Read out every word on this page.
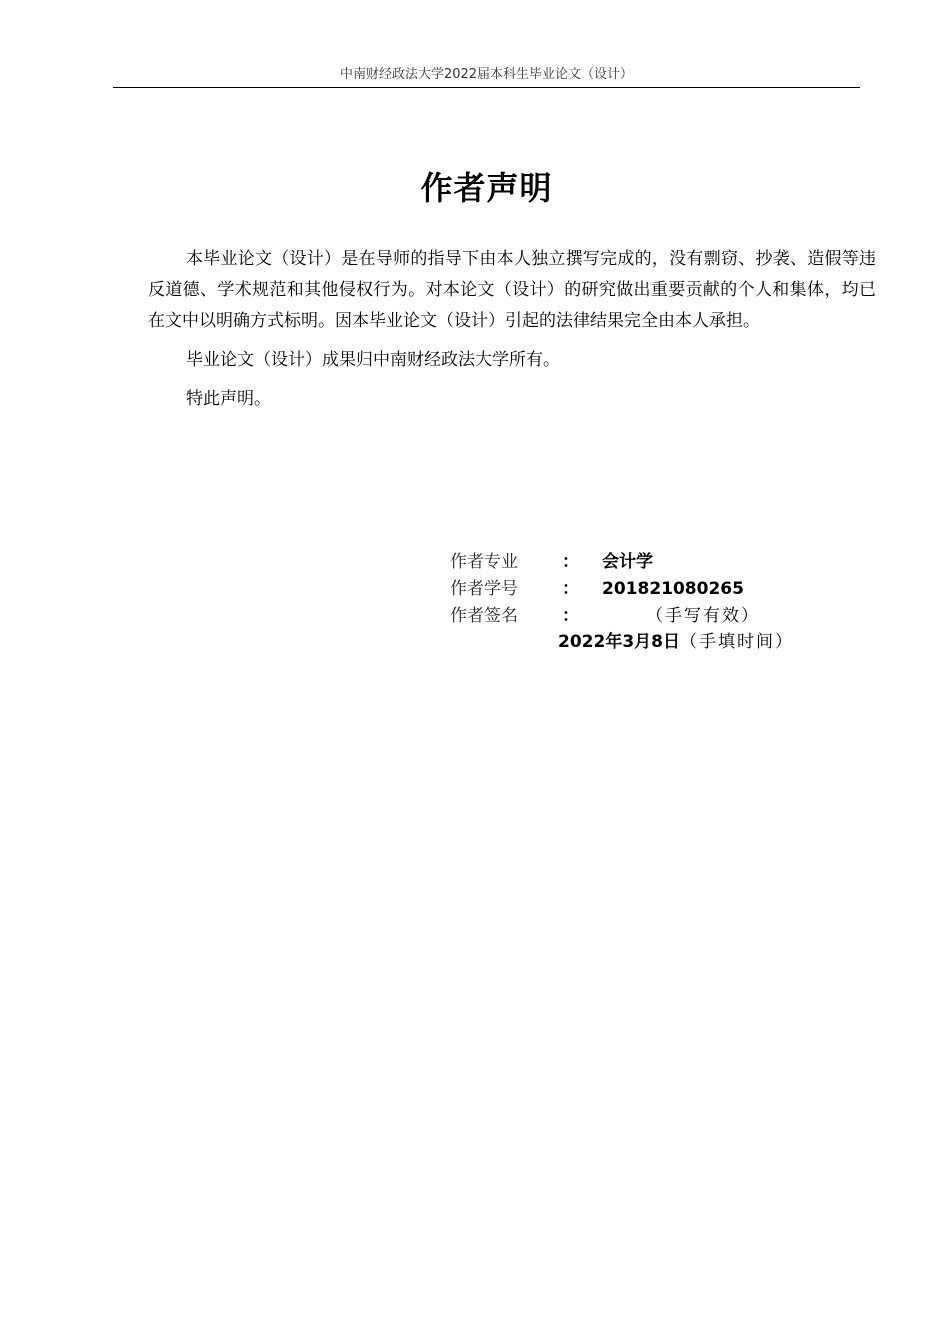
中南财经政法大学2022届本科生毕业论文（设计）
作者声明

本毕业论文（设计）是在导师的指导下由本人独立撰写完成的，没有剽窃、抄袭、造假等违反道德、学术规范和其他侵权行为。对本论文（设计）的研究做出重要贡献的个人和集体，均已在文中以明确方式标明。因本毕业论文（设计）引起的法律结果完全由本人承担。

毕业论文（设计）成果归中南财经政法大学所有。

特此声明。

作者专业	： 会计学
作者学号	： 201821080265
作者签名	：	（手写有效）
2022年3月8日（手填时间）
